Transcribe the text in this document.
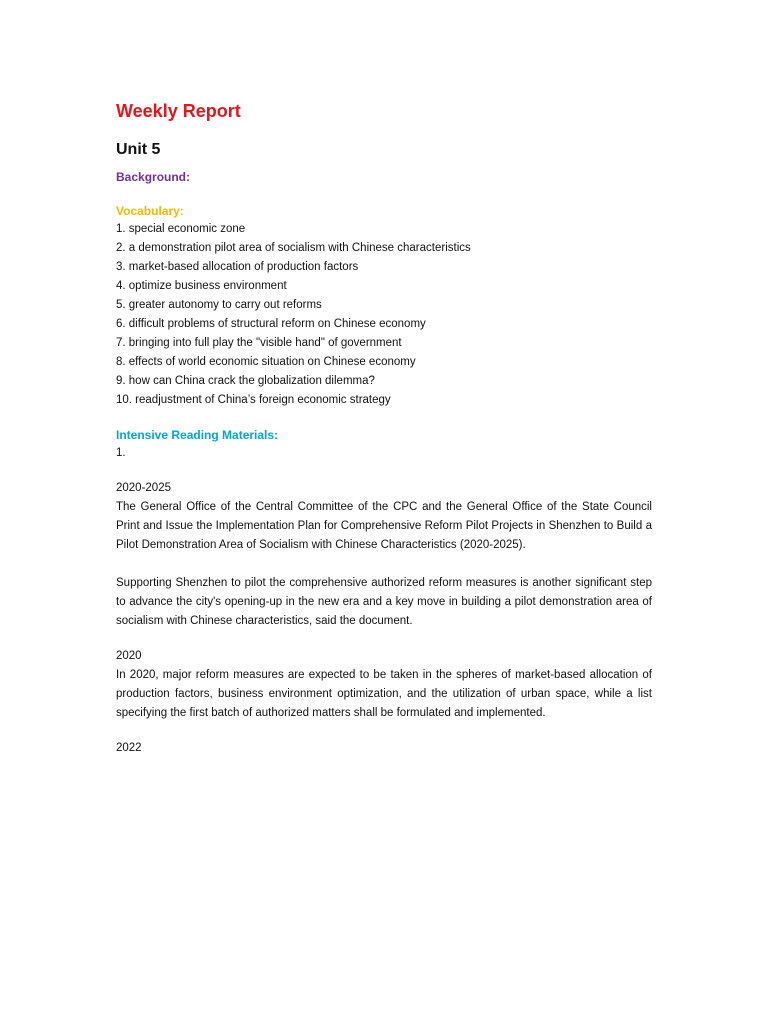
Weekly Report
Unit 5
Background:
Vocabulary:
1. special economic zone
2. a demonstration pilot area of socialism with Chinese characteristics
3. market-based allocation of production factors
4. optimize business environment
5. greater autonomy to carry out reforms
6. difficult problems of structural reform on Chinese economy
7. bringing into full play the "visible hand" of government
8. effects of world economic situation on Chinese economy
9. how can China crack the globalization dilemma?
10. readjustment of China’s foreign economic strategy
Intensive Reading Materials:

1.

2020-2025

The General Office of the Central Committee of the CPC and the General Office of the State Council Print and Issue the Implementation Plan for Comprehensive Reform Pilot Projects in Shenzhen to Build a Pilot Demonstration Area of Socialism with Chinese Characteristics (2020-2025).

Supporting Shenzhen to pilot the comprehensive authorized reform measures is another significant step to advance the city's opening-up in the new era and a key move in building a pilot demonstration area of socialism with Chinese characteristics, said the document.

2020

In 2020, major reform measures are expected to be taken in the spheres of market-based allocation of production factors, business environment optimization, and the utilization of urban space, while a list specifying the first batch of authorized matters shall be formulated and implemented.

2022
